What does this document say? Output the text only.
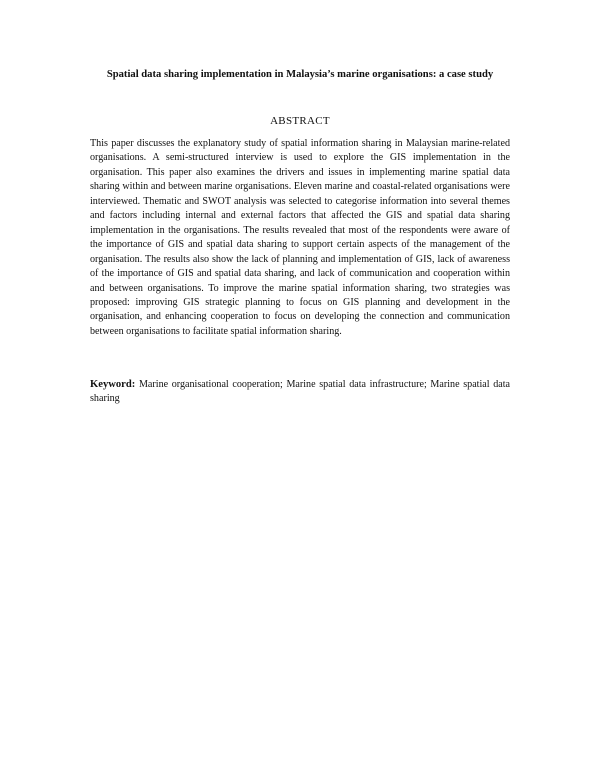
Spatial data sharing implementation in Malaysia’s marine organisations: a case study
ABSTRACT
This paper discusses the explanatory study of spatial information sharing in Malaysian marine-related organisations. A semi-structured interview is used to explore the GIS implementation in the organisation. This paper also examines the drivers and issues in implementing marine spatial data sharing within and between marine organisations. Eleven marine and coastal-related organisations were interviewed. Thematic and SWOT analysis was selected to categorise information into several themes and factors including internal and external factors that affected the GIS and spatial data sharing implementation in the organisations. The results revealed that most of the respondents were aware of the importance of GIS and spatial data sharing to support certain aspects of the management of the organisation. The results also show the lack of planning and implementation of GIS, lack of awareness of the importance of GIS and spatial data sharing, and lack of communication and cooperation within and between organisations. To improve the marine spatial information sharing, two strategies was proposed: improving GIS strategic planning to focus on GIS planning and development in the organisation, and enhancing cooperation to focus on developing the connection and communication between organisations to facilitate spatial information sharing.
Keyword: Marine organisational cooperation; Marine spatial data infrastructure; Marine spatial data sharing
